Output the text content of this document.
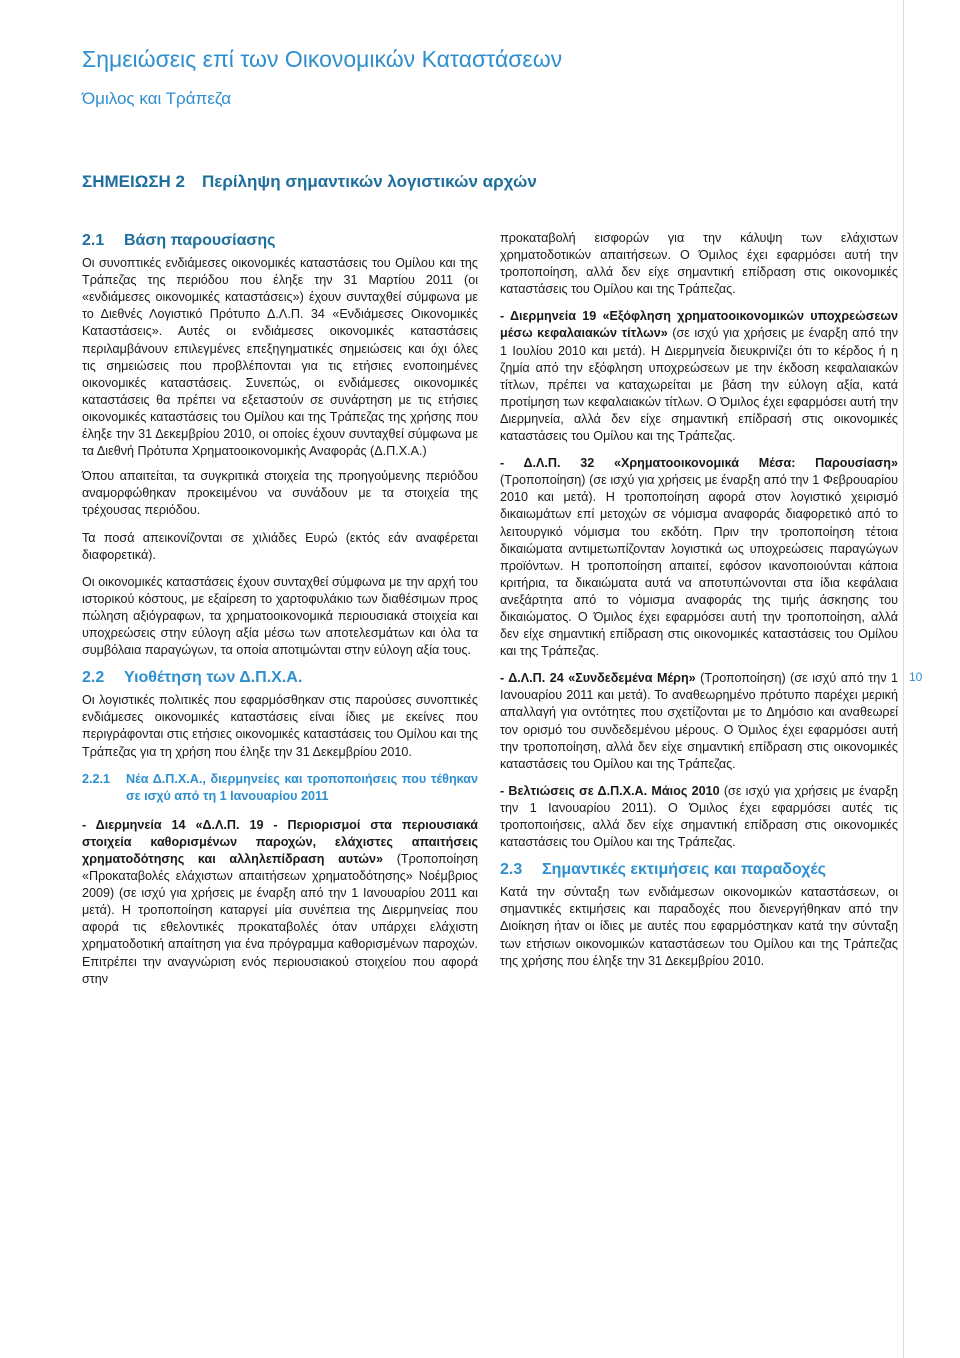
Σημειώσεις επί των Οικονομικών Καταστάσεων
Όμιλος και Τράπεζα
ΣΗΜΕΙΩΣΗ 2 Περίληψη σημαντικών λογιστικών αρχών
2.1 Βάση παρουσίασης

Οι συνοπτικές ενδιάμεσες οικονομικές καταστάσεις του Ομίλου και της Τράπεζας της περιόδου που έληξε την 31 Μαρτίου 2011 (οι «ενδιάμεσες οικονομικές καταστάσεις») έχουν συνταχθεί σύμφωνα με το Διεθνές Λογιστικό Πρότυπο Δ.Λ.Π. 34 «Ενδιάμεσες Οικονομικές Καταστάσεις». Αυτές οι ενδιάμεσες οικονομικές καταστάσεις περιλαμβάνουν επιλεγμένες επεξηγηματικές σημειώσεις και όχι όλες τις σημειώσεις που προβλέπονται για τις ετήσιες ενοποιημένες οικονομικές καταστάσεις. Συνεπώς, οι ενδιάμεσες οικονομικές καταστάσεις θα πρέπει να εξεταστούν σε συνάρτηση με τις ετήσιες οικονομικές καταστάσεις του Ομίλου και της Τράπεζας της χρήσης που έληξε την 31 Δεκεμβρίου 2010, οι οποίες έχουν συνταχθεί σύμφωνα με τα Διεθνή Πρότυπα Χρηματοοικονομικής Αναφοράς (Δ.Π.Χ.Α.)

Όπου απαιτείται, τα συγκριτικά στοιχεία της προηγούμενης περιόδου αναμορφώθηκαν προκειμένου να συνάδουν με τα στοιχεία της τρέχουσας περιόδου.

Τα ποσά απεικονίζονται σε χιλιάδες Ευρώ (εκτός εάν αναφέρεται διαφορετικά).

Οι οικονομικές καταστάσεις έχουν συνταχθεί σύμφωνα με την αρχή του ιστορικού κόστους, με εξαίρεση το χαρτοφυλάκιο των διαθέσιμων προς πώληση αξιόγραφων, τα χρηματοοικονομικά περιουσιακά στοιχεία και υποχρεώσεις στην εύλογη αξία μέσω των αποτελεσμάτων και όλα τα συμβόλαια παραγώγων, τα οποία αποτιμώνται στην εύλογη αξία τους.

2.2 Υιοθέτηση των Δ.Π.Χ.Α.

Οι λογιστικές πολιτικές που εφαρμόσθηκαν στις παρούσες συνοπτικές ενδιάμεσες οικονομικές καταστάσεις είναι ίδιες με εκείνες που περιγράφονται στις ετήσιες οικονομικές καταστάσεις του Ομίλου και της Τράπεζας για τη χρήση που έληξε την 31 Δεκεμβρίου 2010.

2.2.1	Νέα Δ.Π.Χ.Α., διερμηνείες και τροποποιήσεις που τέθηκαν σε ισχύ από τη 1 Ιανουαρίου 2011

- Διερμηνεία 14 «Δ.Λ.Π. 19 - Περιορισμοί στα περιουσιακά στοιχεία καθορισμένων παροχών, ελάχιστες απαιτήσεις χρηματοδότησης και αλληλεπίδραση αυτών» (Τροποποίηση «Προκαταβολές ελάχιστων απαιτήσεων χρηματοδότησης» Νοέμβριος 2009) (σε ισχύ για χρήσεις με έναρξη από την 1 Ιανουαρίου 2011 και μετά). Η τροποποίηση καταργεί μία συνέπεια της Διερμηνείας που αφορά τις εθελοντικές προκαταβολές όταν υπάρχει ελάχιστη χρηματοδοτική απαίτηση για ένα πρόγραμμα καθορισμένων παροχών. Επιτρέπει την αναγνώριση ενός περιουσιακού στοιχείου που αφορά στην

προκαταβολή εισφορών για την κάλυψη των ελάχιστων χρηματοδοτικών απαιτήσεων. Ο Όμιλος έχει εφαρμόσει αυτή την τροποποίηση, αλλά δεν είχε σημαντική επίδραση στις οικονομικές καταστάσεις του Ομίλου και της Τράπεζας.

- Διερμηνεία 19 «Εξόφληση χρηματοοικονομικών υποχρεώσεων μέσω κεφαλαιακών τίτλων» (σε ισχύ για χρήσεις με έναρξη από την 1 Ιουλίου 2010 και μετά). Η Διερμηνεία διευκρινίζει ότι το κέρδος ή η ζημία από την εξόφληση υποχρεώσεων με την έκδοση κεφαλαιακών τίτλων, πρέπει να καταχωρείται με βάση την εύλογη αξία, κατά προτίμηση των κεφαλαιακών τίτλων. Ο Όμιλος έχει εφαρμόσει αυτή την Διερμηνεία, αλλά δεν είχε σημαντική επίδρασή στις οικονομικές καταστάσεις του Ομίλου και της Τράπεζας.

- Δ.Λ.Π. 32 «Χρηματοοικονομικά Μέσα: Παρουσίαση» (Τροποποίηση) (σε ισχύ για χρήσεις με έναρξη από την 1 Φεβρουαρίου 2010 και μετά). Η τροποποίηση αφορά στον λογιστικό χειρισμό δικαιωμάτων επί μετοχών σε νόμισμα αναφοράς διαφορετικό από το λειτουργικό νόμισμα του εκδότη. Πριν την τροποποίηση τέτοια δικαιώματα αντιμετωπίζονταν λογιστικά ως υποχρεώσεις παραγώγων προϊόντων. Η τροποποίηση απαιτεί, εφόσον ικανοποιούνται κάποια κριτήρια, τα δικαιώματα αυτά να αποτυπώνονται στα ίδια κεφάλαια ανεξάρτητα από το νόμισμα αναφοράς της τιμής άσκησης του δικαιώματος. Ο Όμιλος έχει εφαρμόσει αυτή την τροποποίηση, αλλά δεν είχε σημαντική επίδραση στις οικονομικές καταστάσεις του Ομίλου και της Τράπεζας.

- Δ.Λ.Π. 24 «Συνδεδεμένα Μέρη» (Τροποποίηση) (σε ισχύ από την 1 Ιανουαρίου 2011 και μετά). Το αναθεωρημένο πρότυπο παρέχει μερική απαλλαγή για οντότητες που σχετίζονται με το Δημόσιο και αναθεωρεί τον ορισμό του συνδεδεμένου μέρους. Ο Όμιλος έχει εφαρμόσει αυτή την τροποποίηση, αλλά δεν είχε σημαντική επίδραση στις οικονομικές καταστάσεις του Ομίλου και της Τράπεζας.

- Βελτιώσεις σε Δ.Π.Χ.Α. Μάιος 2010 (σε ισχύ για χρήσεις με έναρξη την 1 Ιανουαρίου 2011). Ο Όμιλος έχει εφαρμόσει αυτές τις τροποποιήσεις, αλλά δεν είχε σημαντική επίδραση στις οικονομικές καταστάσεις του Ομίλου και της Τράπεζας.

2.3 Σημαντικές εκτιμήσεις και παραδοχές

Κατά την σύνταξη των ενδιάμεσων οικονομικών καταστάσεων, οι σημαντικές εκτιμήσεις και παραδοχές που διενεργήθηκαν από την Διοίκηση ήταν οι ίδιες με αυτές που εφαρμόστηκαν κατά την σύνταξη των ετήσιων οικονομικών καταστάσεων του Ομίλου και της Τράπεζας της χρήσης που έληξε την 31 Δεκεμβρίου 2010.

10
